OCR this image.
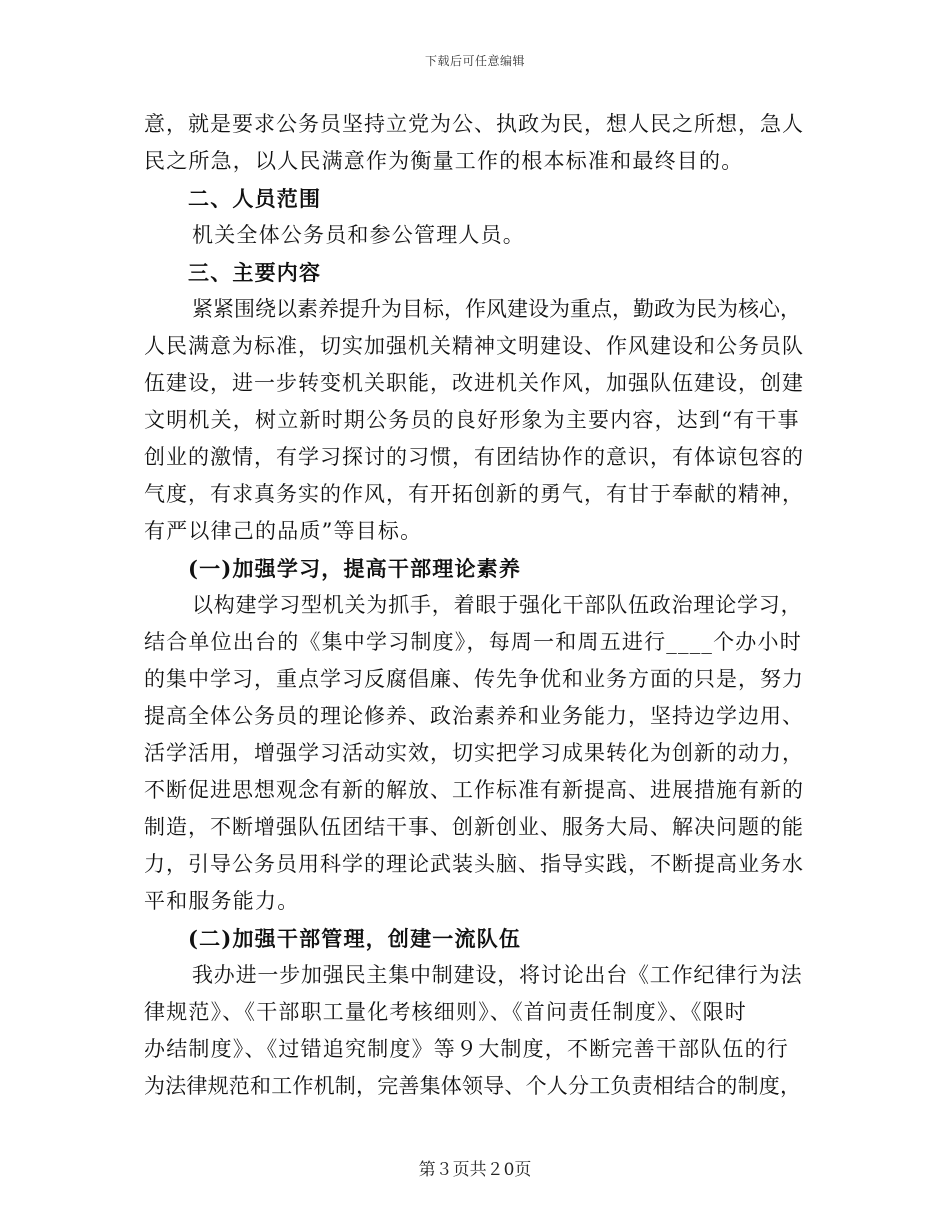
下载后可任意编辑
意，就是要求公务员坚持立党为公、执政为民，想人民之所想，急人
民之所急，以人民满意作为衡量工作的根本标准和最终目的。
二、人员范围
机关全体公务员和参公管理人员。
三、主要内容
紧紧围绕以素养提升为目标，作风建设为重点，勤政为民为核心，
人民满意为标准，切实加强机关精神文明建设、作风建设和公务员队
伍建设，进一步转变机关职能，改进机关作风，加强队伍建设，创建
文明机关，树立新时期公务员的良好形象为主要内容，达到“有干事
创业的激情，有学习探讨的习惯，有团结协作的意识，有体谅包容的
气度，有求真务实的作风，有开拓创新的勇气，有甘于奉献的精神，
有严以律己的品质”等目标。
(一)加强学习，提高干部理论素养
以构建学习型机关为抓手，着眼于强化干部队伍政治理论学习，
结合单位出台的《集中学习制度》，每周一和周五进行____个办小时
的集中学习，重点学习反腐倡廉、传先争优和业务方面的只是，努力
提高全体公务员的理论修养、政治素养和业务能力，坚持边学边用、
活学活用，增强学习活动实效，切实把学习成果转化为创新的动力，
不断促进思想观念有新的解放、工作标准有新提高、进展措施有新的
制造，不断增强队伍团结干事、创新创业、服务大局、解决问题的能
力，引导公务员用科学的理论武装头脑、指导实践，不断提高业务水
平和服务能力。
(二)加强干部管理，创建一流队伍
我办进一步加强民主集中制建设，将讨论出台《工作纪律行为法
律规范》、《干部职工量化考核细则》、《首问责任制度》、《限时
办结制度》、《过错追究制度》等９大制度，不断完善干部队伍的行
为法律规范和工作机制，完善集体领导、个人分工负责相结合的制度，
第３页共２0页
